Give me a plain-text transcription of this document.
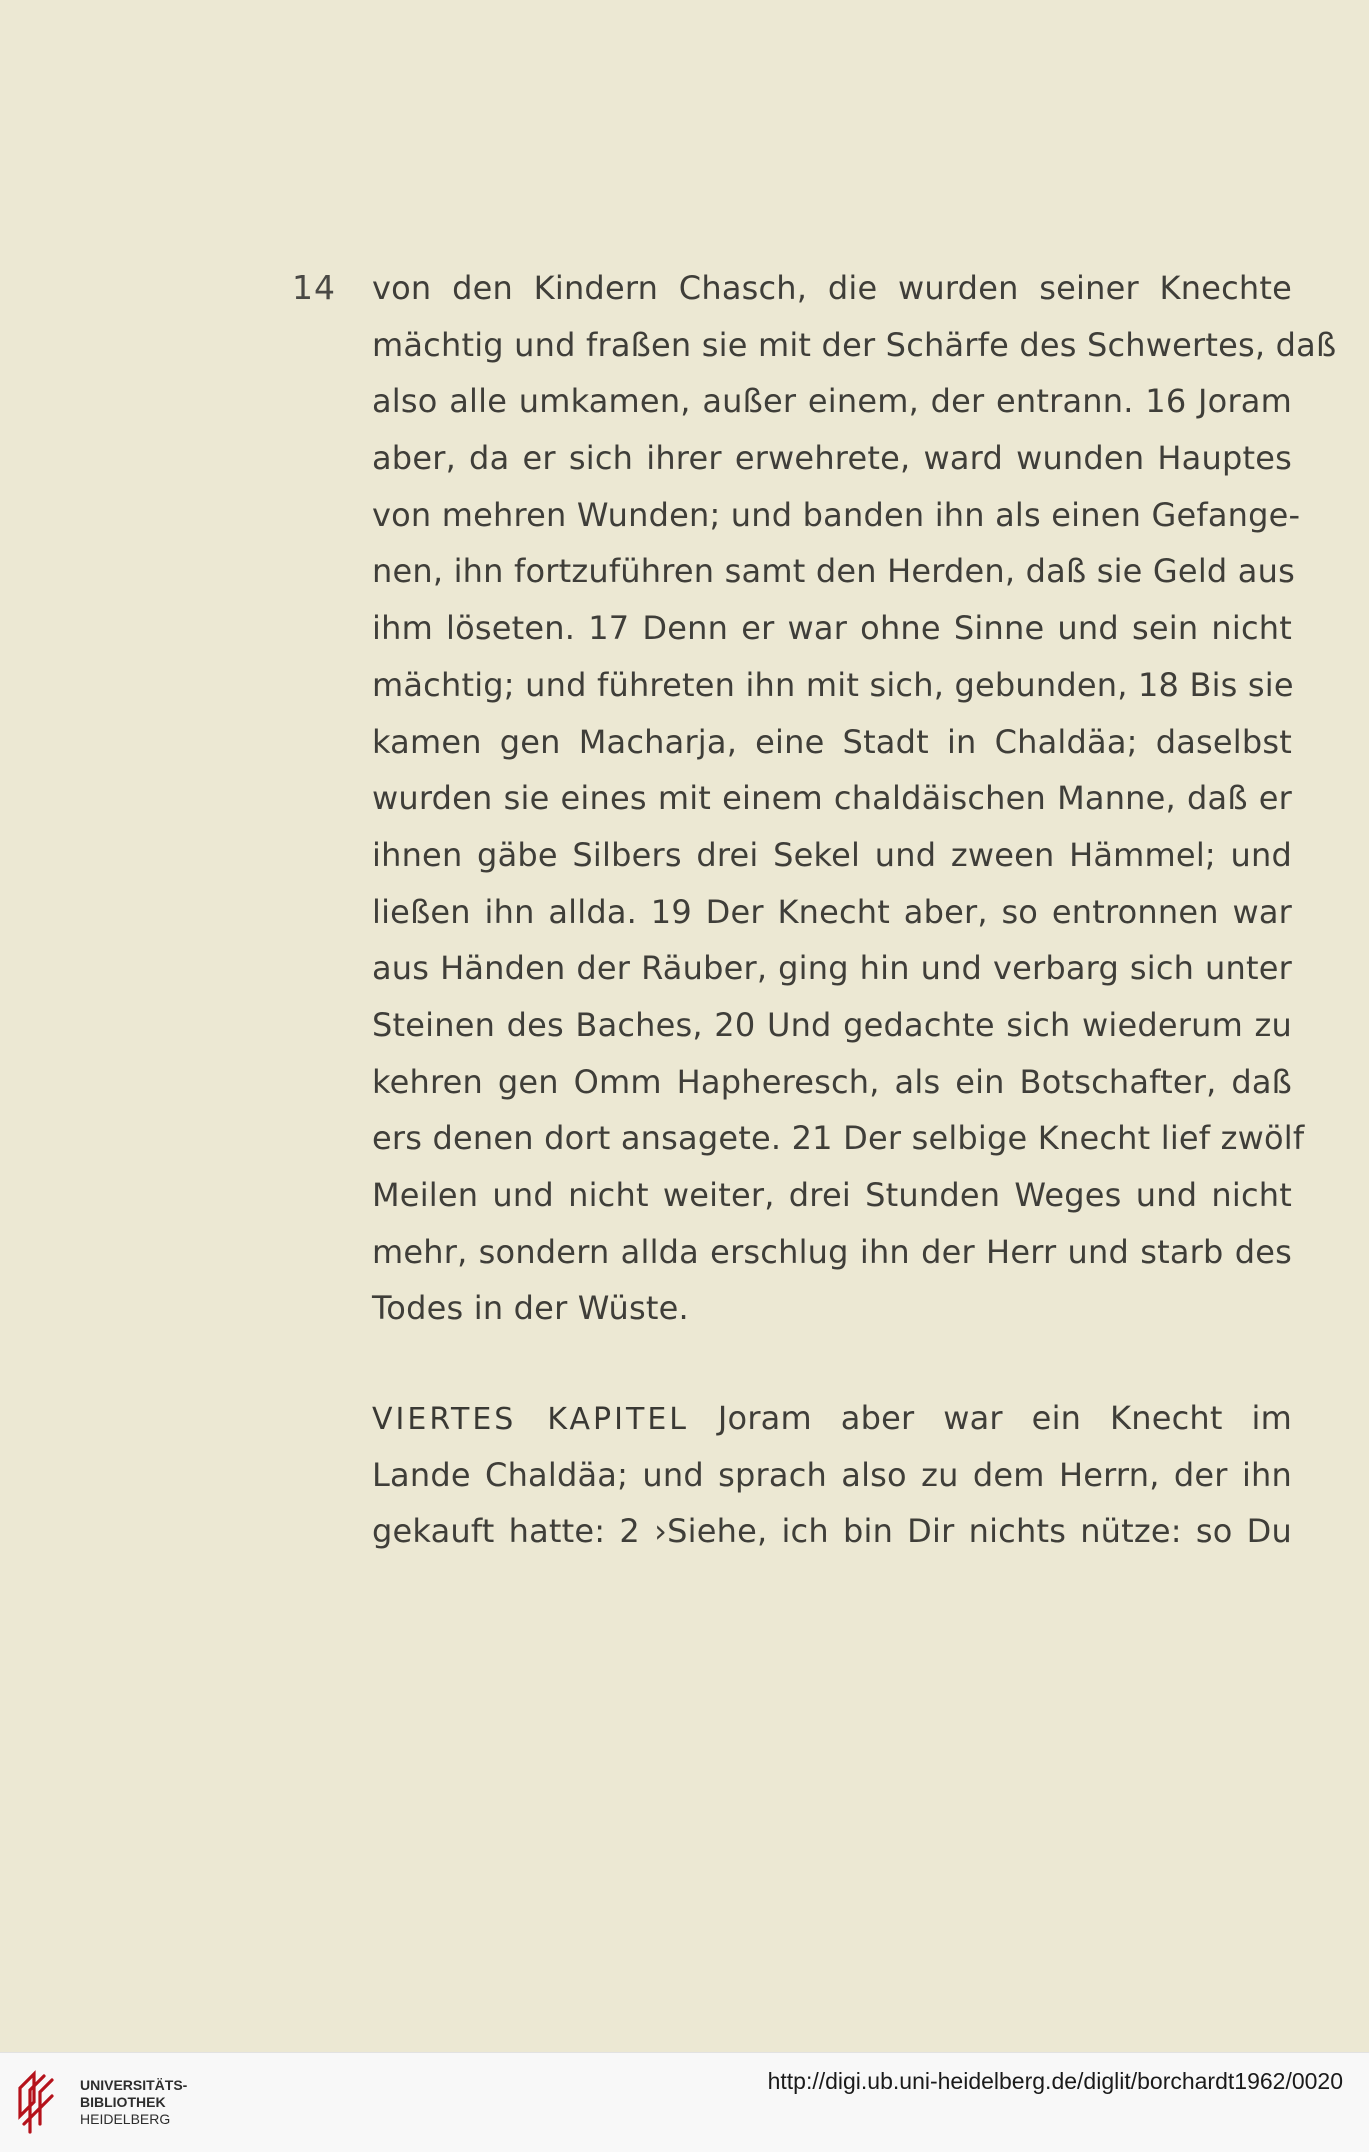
14 von den Kindern Chasch, die wurden seiner Knechte
mächtig und fraßen sie mit der Schärfe des Schwertes, daß
also alle umkamen, außer einem, der entrann. 16 Joram
aber, da er sich ihrer erwehrete, ward wunden Hauptes
von mehren Wunden; und banden ihn als einen Gefange-
nen, ihn fortzuführen samt den Herden, daß sie Geld aus
ihm löseten. 17 Denn er war ohne Sinne und sein nicht
mächtig; und führeten ihn mit sich, gebunden, 18 Bis sie
kamen gen Macharja, eine Stadt in Chaldäa; daselbst
wurden sie eines mit einem chaldäischen Manne, daß er
ihnen gäbe Silbers drei Sekel und zween Hämmel; und
ließen ihn allda. 19 Der Knecht aber, so entronnen war
aus Händen der Räuber, ging hin und verbarg sich unter
Steinen des Baches, 20 Und gedachte sich wiederum zu
kehren gen Omm Hapheresch, als ein Botschafter, daß
ers denen dort ansagete. 21 Der selbige Knecht lief zwölf
Meilen und nicht weiter, drei Stunden Weges und nicht
mehr, sondern allda erschlug ihn der Herr und starb des
Todes in der Wüste.
VIERTES KAPITEL Joram aber war ein Knecht im
Lande Chaldäa; und sprach also zu dem Herrn, der ihn
gekauft hatte: 2 ›Siehe, ich bin Dir nichts nütze: so Du
UNIVERSITÄTS-
BIBLIOTHEK
HEIDELBERG
http://digi.ub.uni-heidelberg.de/diglit/borchardt1962/0020
